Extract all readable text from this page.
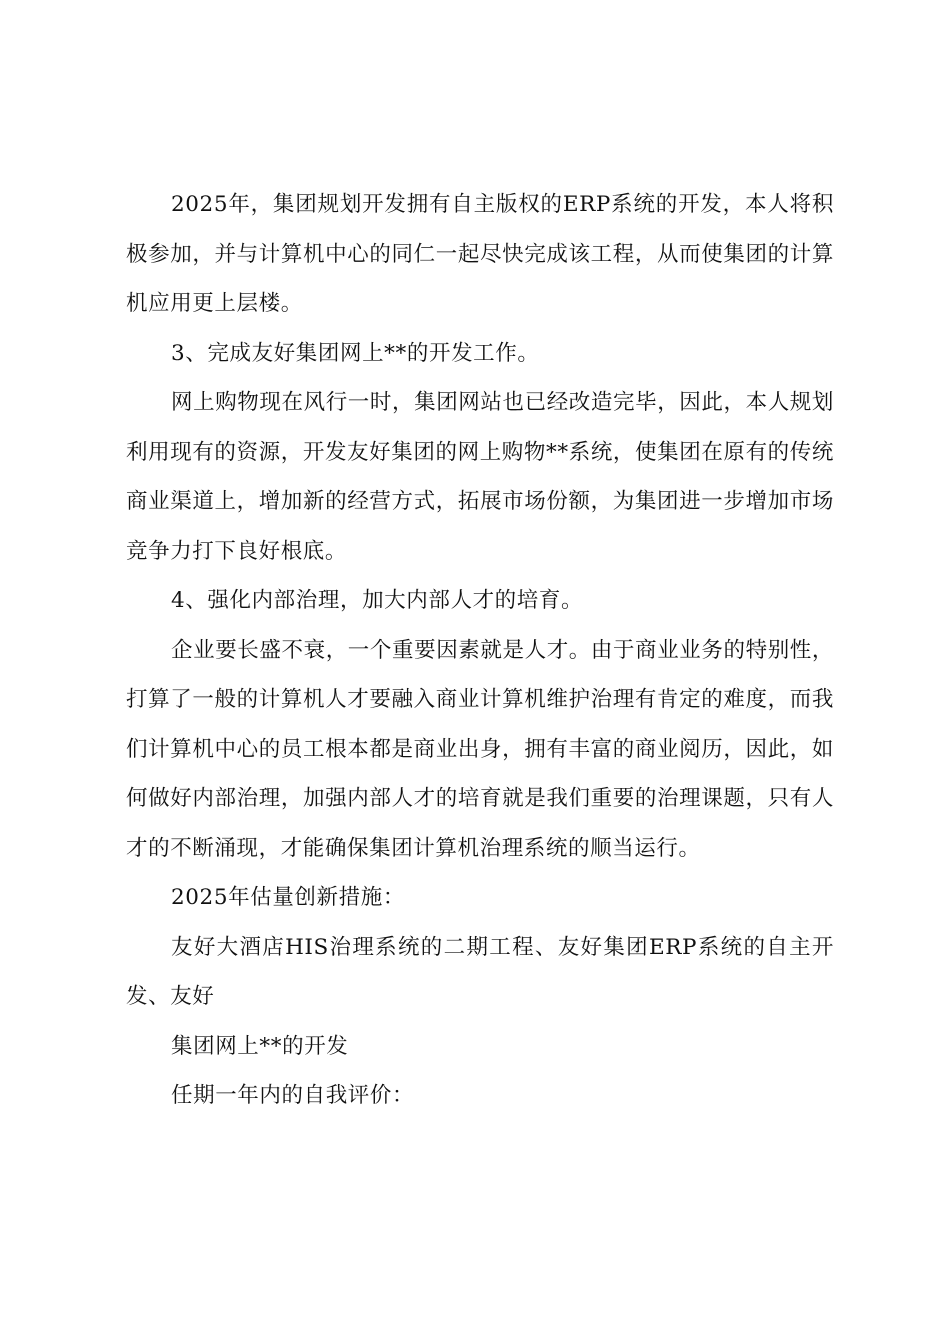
2025年，集团规划开发拥有自主版权的ERP系统的开发，本人将积极参加，并与计算机中心的同仁一起尽快完成该工程，从而使集团的计算机应用更上层楼。

3、完成友好集团网上**的开发工作。

网上购物现在风行一时，集团网站也已经改造完毕，因此，本人规划利用现有的资源，开发友好集团的网上购物**系统，使集团在原有的传统商业渠道上，增加新的经营方式，拓展市场份额，为集团进一步增加市场竞争力打下良好根底。

4、强化内部治理，加大内部人才的培育。

企业要长盛不衰，一个重要因素就是人才。由于商业业务的特别性，打算了一般的计算机人才要融入商业计算机维护治理有肯定的难度，而我们计算机中心的员工根本都是商业出身，拥有丰富的商业阅历，因此，如何做好内部治理，加强内部人才的培育就是我们重要的治理课题，只有人才的不断涌现，才能确保集团计算机治理系统的顺当运行。

2025年估量创新措施：

友好大酒店HIS治理系统的二期工程、友好集团ERP系统的自主开发、友好

集团网上**的开发

任期一年内的自我评价：
